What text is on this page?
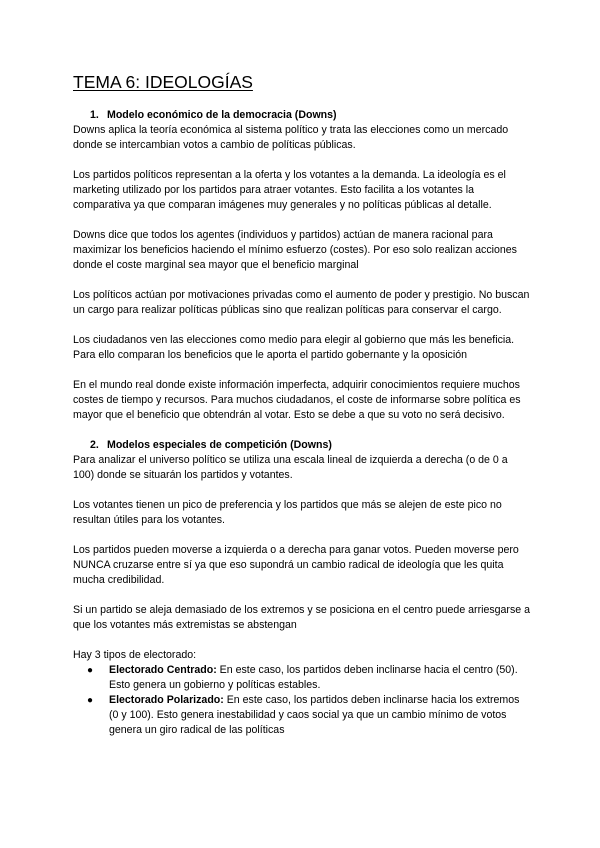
TEMA 6: IDEOLOGÍAS
1. Modelo económico de la democracia (Downs)

Downs aplica la teoría económica al sistema político y trata las elecciones como un mercado donde se intercambian votos a cambio de políticas públicas.

Los partidos políticos representan a la oferta y los votantes a la demanda. La ideología es el marketing utilizado por los partidos para atraer votantes. Esto facilita a los votantes la comparativa ya que comparan imágenes muy generales y no políticas públicas al detalle.

Downs dice que todos los agentes (individuos y partidos) actúan de manera racional para maximizar los beneficios haciendo el mínimo esfuerzo (costes). Por eso solo realizan acciones donde el coste marginal sea mayor que el beneficio marginal

Los políticos actúan por motivaciones privadas como el aumento de poder y prestigio. No buscan un cargo para realizar políticas públicas sino que realizan políticas para conservar el cargo.

Los ciudadanos ven las elecciones como medio para elegir al gobierno que más les beneficia. Para ello comparan los beneficios que le aporta el partido gobernante y la oposición

En el mundo real donde existe información imperfecta, adquirir conocimientos requiere muchos costes de tiempo y recursos. Para muchos ciudadanos, el coste de informarse sobre política es mayor que el beneficio que obtendrán al votar. Esto se debe a que su voto no será decisivo.

2. Modelos especiales de competición (Downs)

Para analizar el universo político se utiliza una escala lineal de izquierda a derecha (o de 0 a 100) donde se situarán los partidos y votantes.

Los votantes tienen un pico de preferencia y los partidos que más se alejen de este pico no resultan útiles para los votantes.

Los partidos pueden moverse a izquierda o a derecha para ganar votos. Pueden moverse pero NUNCA cruzarse entre sí ya que eso supondrá un cambio radical de ideología que les quita mucha credibilidad.

Si un partido se aleja demasiado de los extremos y se posiciona en el centro puede arriesgarse a que los votantes más extremistas se abstengan

Hay 3 tipos de electorado:

●	Electorado Centrado: En este caso, los partidos deben inclinarse hacia el centro (50). Esto genera un gobierno y políticas estables.
●	Electorado Polarizado: En este caso, los partidos deben inclinarse hacia los extremos (0 y 100). Esto genera inestabilidad y caos social ya que un cambio mínimo de votos genera un giro radical de las políticas
